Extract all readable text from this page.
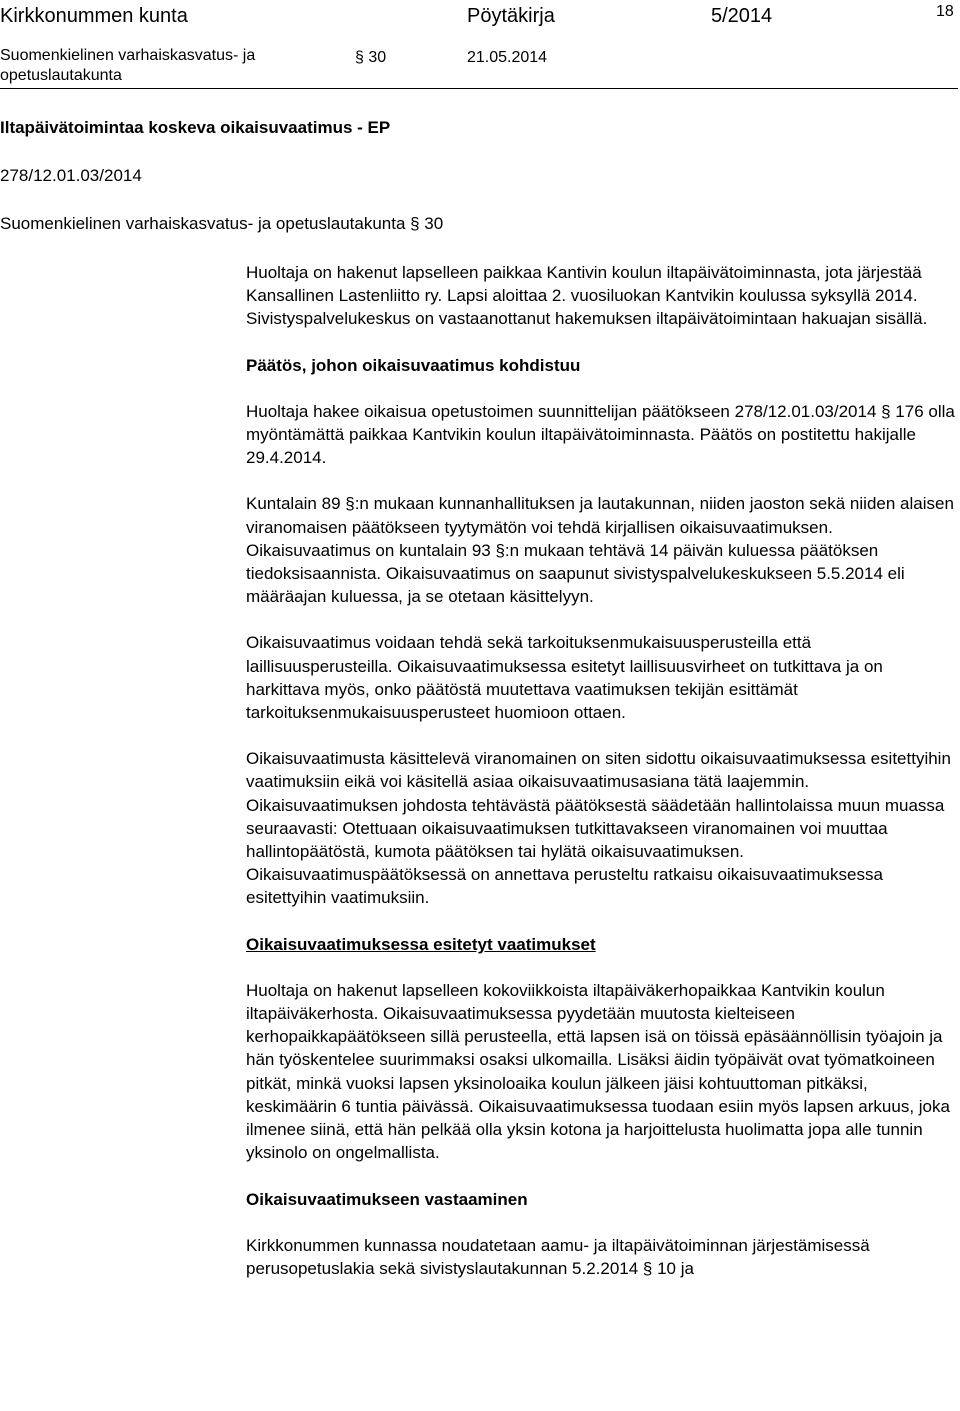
Kirkkonummen kunta	Pöytäkirja	5/2014	18
Suomenkielinen varhaiskasvatus- ja
opetuslautakunta
§ 30	21.05.2014
Iltapäivätoimintaa koskeva oikaisuvaatimus - EP
278/12.01.03/2014
Suomenkielinen varhaiskasvatus- ja opetuslautakunta § 30

Huoltaja on hakenut lapselleen paikkaa Kantivin koulun iltapäivätoiminnasta, jota järjestää Kansallinen Lastenliitto ry. Lapsi aloittaa 2. vuosiluokan Kantvikin koulussa syksyllä 2014. Sivistyspalvelukeskus on vastaanottanut hakemuksen iltapäivätoimintaan hakuajan sisällä.

Päätös, johon oikaisuvaatimus kohdistuu

Huoltaja hakee oikaisua opetustoimen suunnittelijan päätökseen 278/12.01.03/2014 § 176 olla myöntämättä paikkaa Kantvikin koulun iltapäivätoiminnasta. Päätös on postitettu hakijalle 29.4.2014.

Kuntalain 89 §:n mukaan kunnanhallituksen ja lautakunnan, niiden jaoston sekä niiden alaisen viranomaisen päätökseen tyytymätön voi tehdä kirjallisen oikaisuvaatimuksen. Oikaisuvaatimus on kuntalain 93 §:n mukaan tehtävä 14 päivän kuluessa päätöksen tiedoksisaannista. Oikaisuvaatimus on saapunut sivistyspalvelukeskukseen 5.5.2014 eli määräajan kuluessa, ja se otetaan käsittelyyn.

Oikaisuvaatimus voidaan tehdä sekä tarkoituksenmukaisuusperusteilla että laillisuusperusteilla. Oikaisuvaatimuksessa esitetyt laillisuusvirheet on tutkittava ja on harkittava myös, onko päätöstä muutettava vaatimuksen tekijän esittämät tarkoituksenmukaisuusperusteet huomioon ottaen.

Oikaisuvaatimusta käsittelevä viranomainen on siten sidottu oikaisuvaatimuksessa esitettyihin vaatimuksiin eikä voi käsitellä asiaa oikaisuvaatimusasiana tätä laajemmin. Oikaisuvaatimuksen johdosta tehtävästä päätöksestä säädetään hallintolaissa muun muassa seuraavasti: Otettuaan oikaisuvaatimuksen tutkittavakseen viranomainen voi muuttaa hallintopäätöstä, kumota päätöksen tai hylätä oikaisuvaatimuksen. Oikaisuvaatimuspäätöksessä on annettava perusteltu ratkaisu oikaisuvaatimuksessa esitettyihin vaatimuksiin.

Oikaisuvaatimuksessa esitetyt vaatimukset

Huoltaja on hakenut lapselleen kokoviikkoista iltapäiväkerhopaikkaa Kantvikin koulun iltapäiväkerhosta. Oikaisuvaatimuksessa pyydetään muutosta kielteiseen kerhopaikkapäätökseen sillä perusteella, että lapsen isä on töissä epäsäännöllisin työajoin ja hän työskentelee suurimmaksi osaksi ulkomailla. Lisäksi äidin työpäivät ovat työmatkoineen pitkät, minkä vuoksi lapsen yksinoloaika koulun jälkeen jäisi kohtuuttoman pitkäksi, keskimäärin 6 tuntia päivässä. Oikaisuvaatimuksessa tuodaan esiin myös lapsen arkuus, joka ilmenee siinä, että hän pelkää olla yksin kotona ja harjoittelusta huolimatta jopa alle tunnin yksinolo on ongelmallista.

Oikaisuvaatimukseen vastaaminen

Kirkkonummen kunnassa noudatetaan aamu- ja iltapäivätoiminnan järjestämisessä perusopetuslakia sekä sivistyslautakunnan 5.2.2014 § 10 ja
